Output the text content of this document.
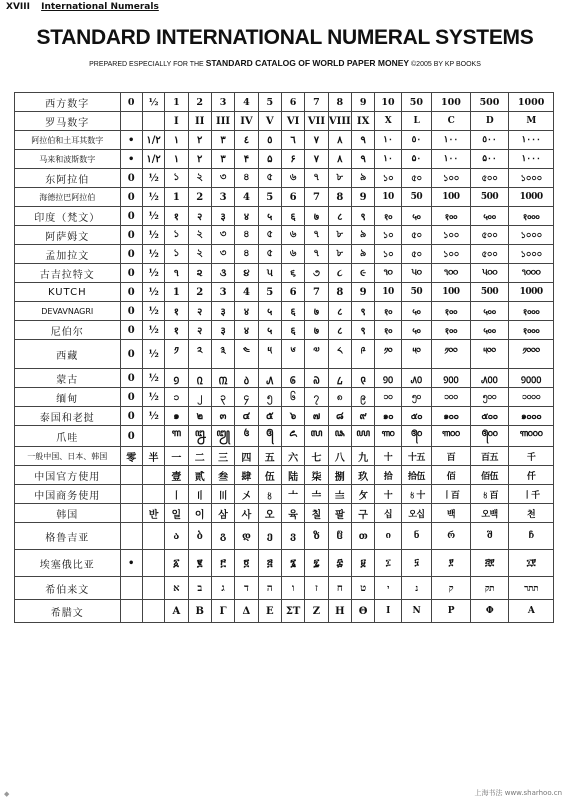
XVIII International Numerals
STANDARD INTERNATIONAL NUMERAL SYSTEMS
PREPARED ESPECIALLY FOR THE STANDARD CATALOG OF WORLD PAPER MONEY ©2005 BY KP BOOKS
西方数字	0	½	1	2	3	4	5	6	7	8	9	10	50	100	500	1000
罗马数字			I	II	III	IV	V	VI	VII	VIII	IX	X	L	C	D	M
阿拉伯和土耳其数字	•	١/٢	١	٢	٣	٤	٥	٦	٧	٨	٩	١٠	٥٠	١٠٠	٥٠٠	١٠٠٠
马来和波斯数字	•	١/٢	١	٢	٣	۴	۵	۶	٧	٨	٩	١٠	۵٠	١٠٠	۵٠٠	١٠٠٠
东阿拉伯	0	½	১	২	৩	৪	৫	৬	৭	৮	৯	১০	৫০	১০০	৫০০	১০০০
海德拉巴阿拉伯	0	½	1	2	3	4	5	6	7	8	9	10	50	100	500	1000
印度（梵文）	0	½	१	२	३	४	५	६	७	८	९	१०	५०	१००	५००	१०००
阿萨姆文	0	½	১	২	৩	৪	৫	৬	৭	৮	৯	১০	৫০	১০০	৫০০	১০০০
孟加拉文	0	½	১	২	৩	৪	৫	৬	৭	৮	৯	১০	৫০	১০০	৫০০	১০০০
古吉拉特文	0	½	૧	૨	૩	૪	૫	૬	૭	૮	૯	૧૦	૫૦	૧૦૦	૫૦૦	૧૦૦૦
KUTCH	0	½	1	2	3	4	5	6	7	8	9	10	50	100	500	1000
DEVAVNAGRI	0	½	१	२	३	४	५	६	७	८	९	१०	५०	१००	५००	१०००
尼伯尔	0	½	१	२	३	४	५	६	७	८	९	१०	५०	१००	५००	१०००
西藏	0	½	༡	༢	༣	༤	༥	༦	༧	༨	༩	༡༠	༥༠	༡༠༠	༥༠༠	༡༠༠༠
蒙古	0	½	᠑	᠒	᠓	᠔	᠕	᠖	᠗	᠘	᠙	᠑᠐	᠕᠐	᠑᠐᠐	᠕᠐᠐	᠑᠐᠐᠐
缅甸	0	½	၁	၂	၃	၄	၅	၆	၇	၈	၉	၁၀	၅၀	၁၀၀	၅၀၀	၁၀၀၀
泰国和老挝	0	½	๑	๒	๓	๔	๕	๖	๗	๘	๙	๑๐	๕๐	๑๐๐	๕๐๐	๑๐๐๐
爪哇	0		꧑	꧒	꧓	꧔	꧕	꧖	꧗	꧘	꧙	꧑꧐	꧕꧐	꧑꧐꧐	꧕꧐꧐	꧑꧐꧐꧐
一般中国、日本、韩国	零	半	一	二	三	四	五	六	七	八	九	十	十五	百	百五	千
中国官方使用			壹	贰	叁	肆	伍	陆	柒	捌	玖	拾	拾伍	佰	佰伍	仟
中国商务使用			〡	〢	〣	〤	〥	〦	〧	〨	〩	十	〥十	〡百	〥百	〡千
韩国		반	일	이	삼	사	오	육	칠	팔	구	십	오십	백	오백	천
格鲁吉亚			ა	ბ	გ	დ	ე	ვ	ზ	ჱ	თ	ი	ნ	რ	შ	ჩ
埃塞俄比亚	•		፩	፪	፫	፬	፭	፮	፯	፰	፱	፲	፶	፻	፭፻	፲፻
希伯来文			א	ב	ג	ד	ה	ו	ז	ח	ט	י	נ	ק	תק	תתר
希腊文			Α	Β	Γ	Δ	Ε	ΣΤ	Ζ	Η	Θ	Ι	Ν	Ρ	Φ	Α
◆	上海书法 www.sharhoo.cn
